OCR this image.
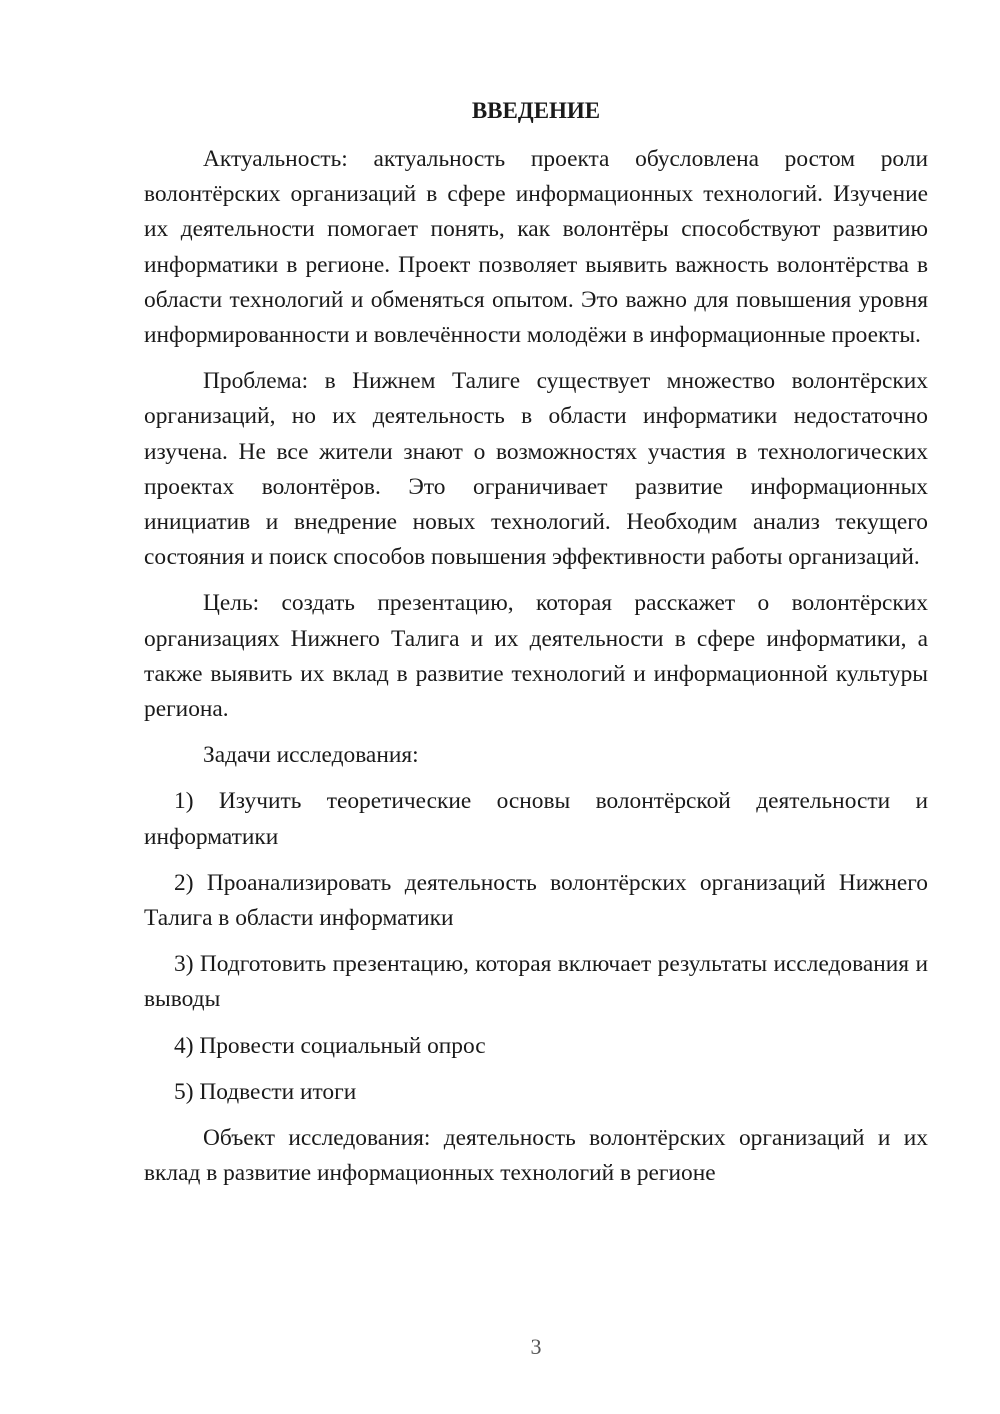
ВВЕДЕНИЕ

Актуальность: актуальность проекта обусловлена ростом роли волонтёрских организаций в сфере информационных технологий. Изучение их деятельности помогает понять, как волонтёры способствуют развитию информатики в регионе. Проект позволяет выявить важность волонтёрства в области технологий и обменяться опытом. Это важно для повышения уровня информированности и вовлечённости молодёжи в информационные проекты.

Проблема: в Нижнем Талиге существует множество волонтёрских организаций, но их деятельность в области информатики недостаточно изучена. Не все жители знают о возможностях участия в технологических проектах волонтёров. Это ограничивает развитие информационных инициатив и внедрение новых технологий. Необходим анализ текущего состояния и поиск способов повышения эффективности работы организаций.

Цель: создать презентацию, которая расскажет о волонтёрских организациях Нижнего Талига и их деятельности в сфере информатики, а также выявить их вклад в развитие технологий и информационной культуры региона.

Задачи исследования:

1) Изучить теоретические основы волонтёрской деятельности и информатики

2) Проанализировать деятельность волонтёрских организаций Нижнего Талига в области информатики

3) Подготовить презентацию, которая включает результаты исследования и выводы

4) Провести социальный опрос

5) Подвести итоги

Объект исследования: деятельность волонтёрских организаций и их вклад в развитие информационных технологий в регионе

3
